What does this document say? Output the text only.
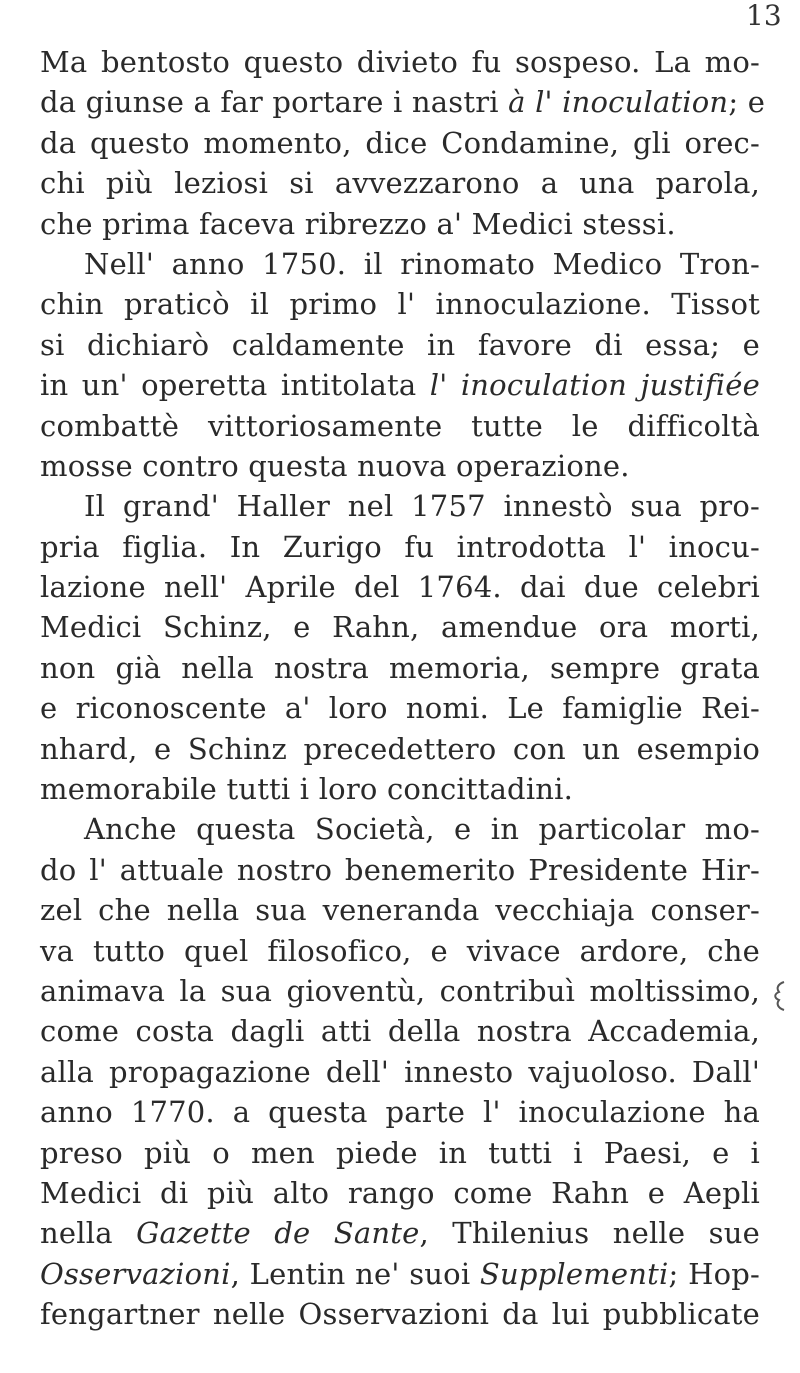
13
Ma bentosto questo divieto fu sospeso. La mo-
da giunse a far portare i nastri à l' inoculation; e
da questo momento, dice Condamine, gli orec-
chi più leziosi si avvezzarono a una parola,
che prima faceva ribrezzo a' Medici stessi.
Nell' anno 1750. il rinomato Medico Tron-
chin praticò il primo l' innoculazione. Tissot
si dichiarò caldamente in favore di essa; e
in un' operetta intitolata l' inoculation justifiée
combattè vittoriosamente tutte le difficoltà
mosse contro questa nuova operazione.
Il grand' Haller nel 1757 innestò sua pro-
pria figlia. In Zurigo fu introdotta l' inocu-
lazione nell' Aprile del 1764. dai due celebri
Medici Schinz, e Rahn, amendue ora morti,
non già nella nostra memoria, sempre grata
e riconoscente a' loro nomi. Le famiglie Rei-
nhard, e Schinz precedettero con un esempio
memorabile tutti i loro concittadini.
Anche questa Società, e in particolar mo-
do l' attuale nostro benemerito Presidente Hir-
zel che nella sua veneranda vecchiaja conser-
va tutto quel filosofico, e vivace ardore, che
animava la sua gioventù, contribuì moltissimo,
come costa dagli atti della nostra Accademia,
alla propagazione dell' innesto vajuoloso. Dall'
anno 1770. a questa parte l' inoculazione ha
preso più o men piede in tutti i Paesi, e i
Medici di più alto rango come Rahn e Aepli
nella Gazette de Sante, Thilenius nelle sue
Osservazioni, Lentin ne' suoi Supplementi; Hop-
fengartner nelle Osservazioni da lui pubblicate
